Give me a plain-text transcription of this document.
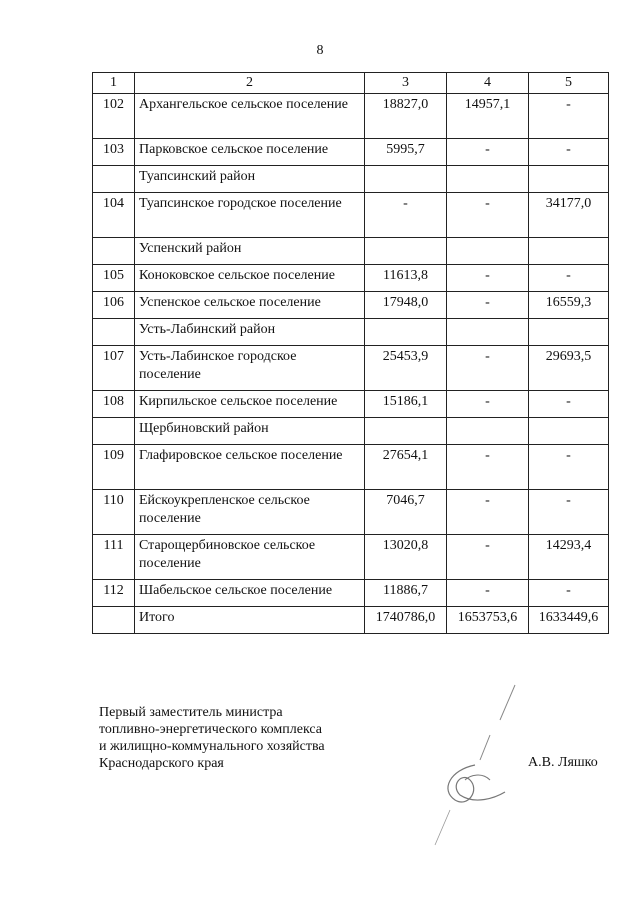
8
1	2	3	4	5
102	Архангельское сельское поселение	18827,0	14957,1	-
103	Парковское сельское поселение	5995,7	-	-
	Туапсинский район			
104	Туапсинское городское поселение	-	-	34177,0
	Успенский район			
105	Коноковское сельское поселение	11613,8	-	-
106	Успенское сельское поселение	17948,0	-	16559,3
	Усть-Лабинский район			
107	Усть-Лабинское городское поселение	25453,9	-	29693,5
108	Кирпильское сельское поселение	15186,1	-	-
	Щербиновский район			
109	Глафировское сельское поселение	27654,1	-	-
110	Ейскоукрепленское сельское поселение	7046,7	-	-
111	Старощербиновское сельское поселение	13020,8	-	14293,4
112	Шабельское сельское поселение	11886,7	-	-
	Итого	1740786,0	1653753,6	1633449,6
Первый заместитель министра
топливно-энергетического комплекса
и жилищно-коммунального хозяйства
Краснодарского края	А.В. Ляшко
